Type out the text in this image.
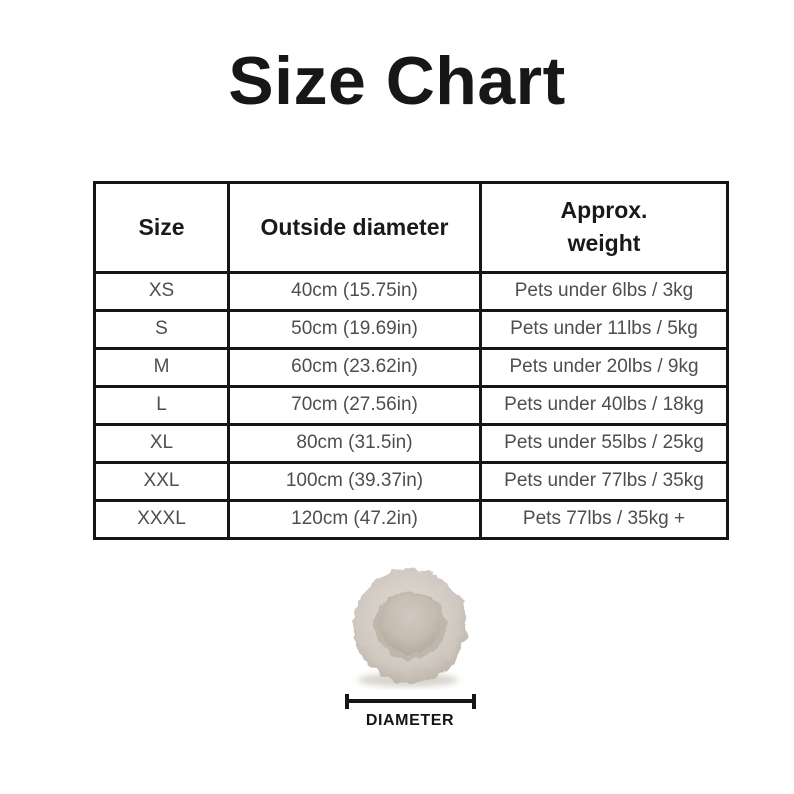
Size Chart
Size	Outside diameter	Approx.
weight
XS	40cm (15.75in)	Pets under 6lbs / 3kg
S	50cm (19.69in)	Pets under 11lbs / 5kg
M	60cm (23.62in)	Pets under 20lbs / 9kg
L	70cm (27.56in)	Pets under 40lbs / 18kg
XL	80cm (31.5in)	Pets under 55lbs / 25kg
XXL	100cm (39.37in)	Pets under 77lbs / 35kg
XXXL	120cm (47.2in)	Pets 77lbs / 35kg +
DIAMETER
